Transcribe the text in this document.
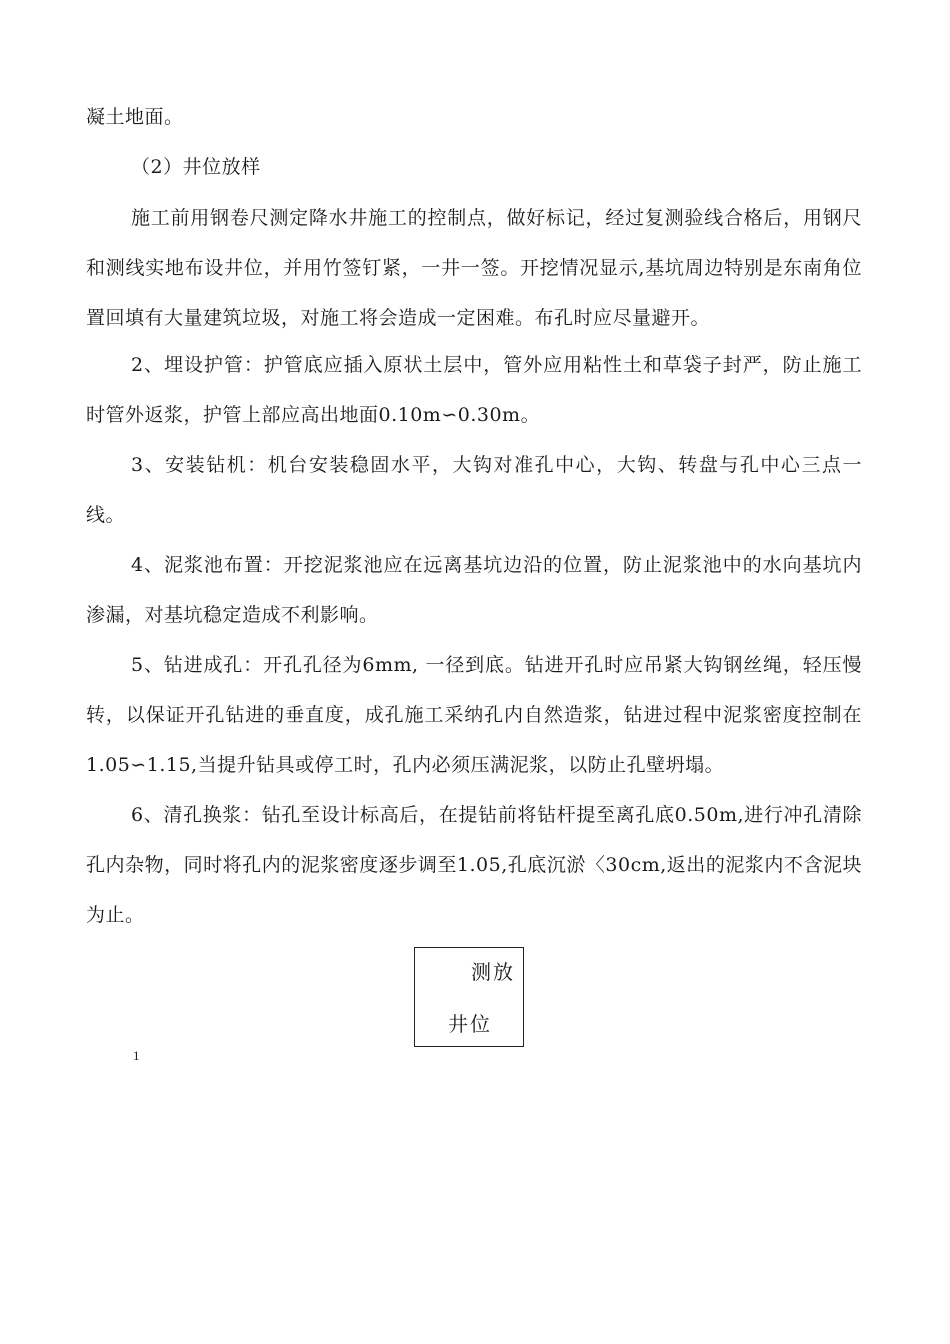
凝土地面。

（2）井位放样

施工前用钢卷尺测定降水井施工的控制点，做好标记，经过复测验线合格后，用钢尺和测线实地布设井位，并用竹签钉紧，一井一签。开挖情况显示,基坑周边特别是东南角位置回填有大量建筑垃圾，对施工将会造成一定困难。布孔时应尽量避开。

2、埋设护管：护管底应插入原状土层中，管外应用粘性土和草袋子封严，防止施工时管外返浆，护管上部应高出地面0.10m∽0.30m。

3、安装钻机：机台安装稳固水平，大钩对准孔中心，大钩、转盘与孔中心三点一线。

4、泥浆池布置：开挖泥浆池应在远离基坑边沿的位置，防止泥浆池中的水向基坑内渗漏，对基坑稳定造成不利影响。

5、钻进成孔：开孔孔径为6mm, 一径到底。钻进开孔时应吊紧大钩钢丝绳，轻压慢转，以保证开孔钻进的垂直度，成孔施工采纳孔内自然造浆，钻进过程中泥浆密度控制在1.05∽1.15,当提升钻具或停工时，孔内必须压满泥浆，以防止孔壁坍塌。

6、清孔换浆：钻孔至设计标高后，在提钻前将钻杆提至离孔底0.50m,进行冲孔清除孔内杂物，同时将孔内的泥浆密度逐步调至1.05,孔底沉淤〈30cm,返出的泥浆内不含泥块为止。

测放
井位
1
